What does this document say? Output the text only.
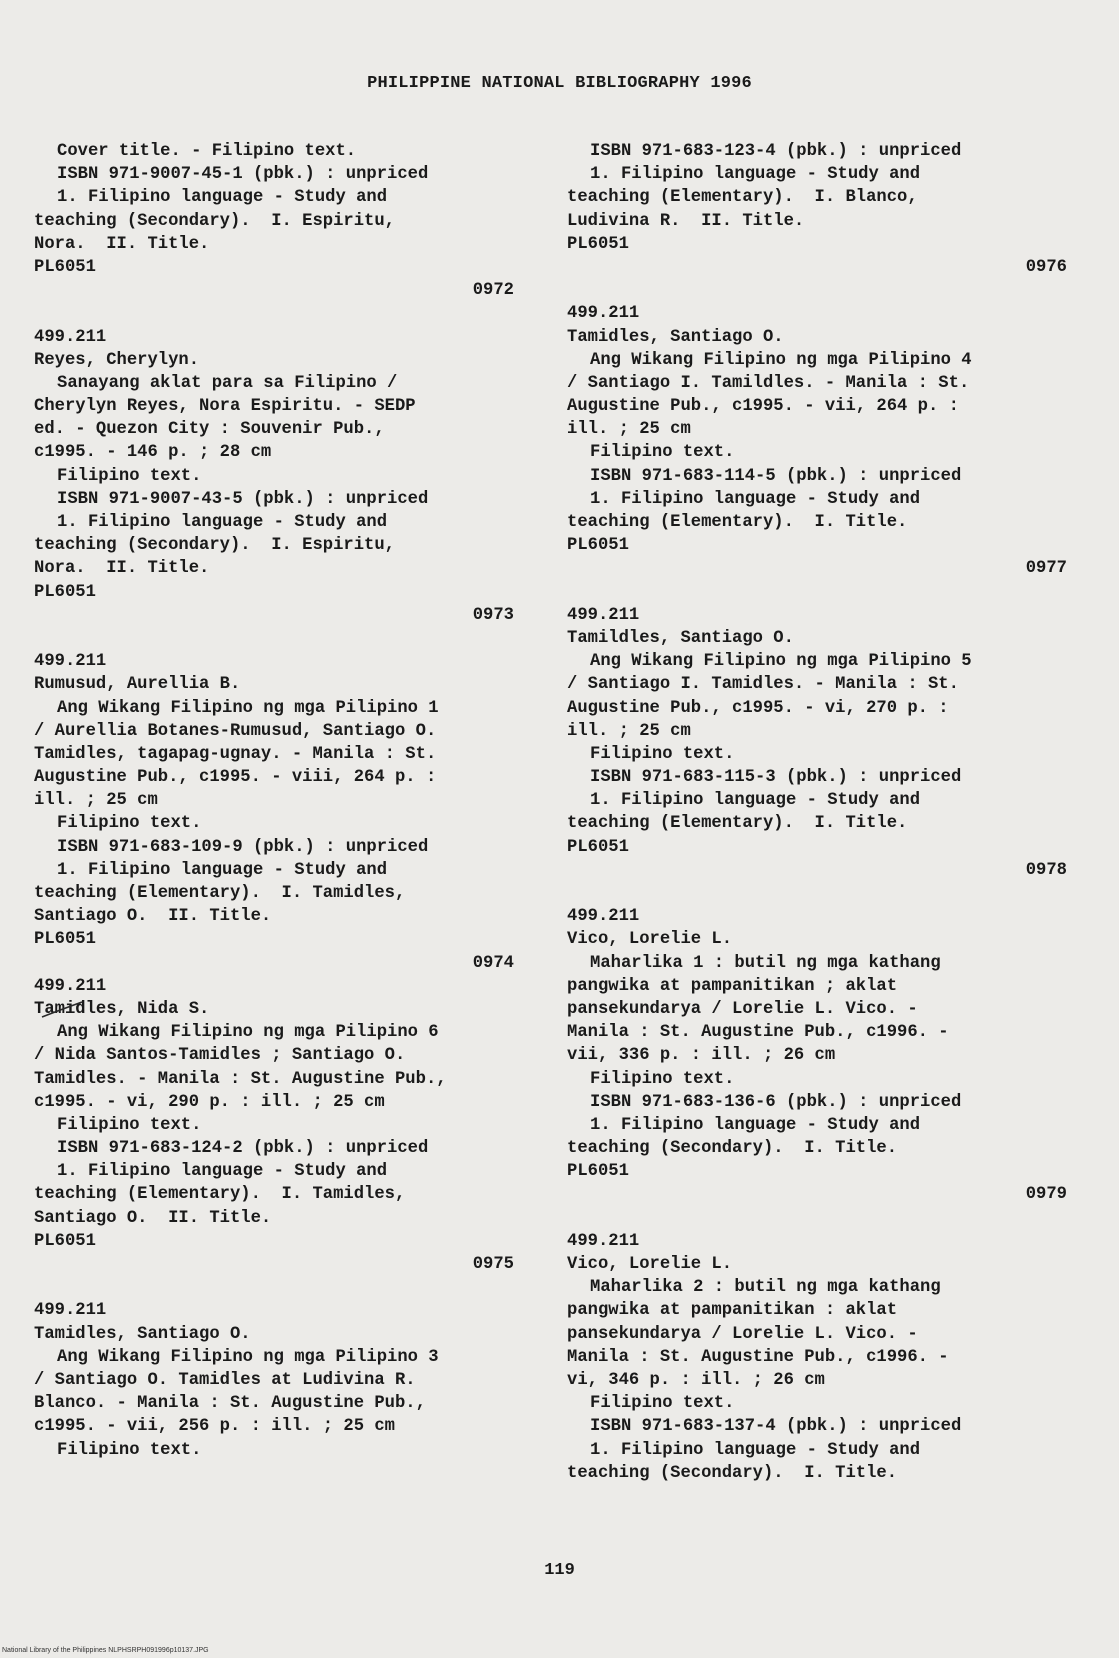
PHILIPPINE NATIONAL BIBLIOGRAPHY 1996
Cover title. - Filipino text.
ISBN 971-9007-45-1 (pbk.) : unpriced
1. Filipino language - Study and
teaching (Secondary).  I. Espiritu,
Nora.  II. Title.
PL6051
0972
499.211
Reyes, Cherylyn.
Sanayang aklat para sa Filipino /
Cherylyn Reyes, Nora Espiritu. - SEDP
ed. - Quezon City : Souvenir Pub.,
c1995. - 146 p. ; 28 cm
Filipino text.
ISBN 971-9007-43-5 (pbk.) : unpriced
1. Filipino language - Study and
teaching (Secondary).  I. Espiritu,
Nora.  II. Title.
PL6051
0973
499.211
Rumusud, Aurellia B.
Ang Wikang Filipino ng mga Pilipino 1
/ Aurellia Botanes-Rumusud, Santiago O.
Tamidles, tagapag-ugnay. - Manila : St.
Augustine Pub., c1995. - viii, 264 p. :
ill. ; 25 cm
Filipino text.
ISBN 971-683-109-9 (pbk.) : unpriced
1. Filipino language - Study and
teaching (Elementary).  I. Tamidles,
Santiago O.  II. Title.
PL6051
0974
499.211
Tamidles, Nida S.
Ang Wikang Filipino ng mga Pilipino 6
/ Nida Santos-Tamidles ; Santiago O.
Tamidles. - Manila : St. Augustine Pub.,
c1995. - vi, 290 p. : ill. ; 25 cm
Filipino text.
ISBN 971-683-124-2 (pbk.) : unpriced
1. Filipino language - Study and
teaching (Elementary).  I. Tamidles,
Santiago O.  II. Title.
PL6051
0975
499.211
Tamidles, Santiago O.
Ang Wikang Filipino ng mga Pilipino 3
/ Santiago O. Tamidles at Ludivina R.
Blanco. - Manila : St. Augustine Pub.,
c1995. - vii, 256 p. : ill. ; 25 cm
Filipino text.
ISBN 971-683-123-4 (pbk.) : unpriced
1. Filipino language - Study and
teaching (Elementary).  I. Blanco,
Ludivina R.  II. Title.
PL6051
0976
499.211
Tamidles, Santiago O.
Ang Wikang Filipino ng mga Pilipino 4
/ Santiago I. Tamildles. - Manila : St.
Augustine Pub., c1995. - vii, 264 p. :
ill. ; 25 cm
Filipino text.
ISBN 971-683-114-5 (pbk.) : unpriced
1. Filipino language - Study and
teaching (Elementary).  I. Title.
PL6051
0977
499.211
Tamildles, Santiago O.
Ang Wikang Filipino ng mga Pilipino 5
/ Santiago I. Tamidles. - Manila : St.
Augustine Pub., c1995. - vi, 270 p. :
ill. ; 25 cm
Filipino text.
ISBN 971-683-115-3 (pbk.) : unpriced
1. Filipino language - Study and
teaching (Elementary).  I. Title.
PL6051
0978
499.211
Vico, Lorelie L.
Maharlika 1 : butil ng mga kathang
pangwika at pampanitikan ; aklat
pansekundarya / Lorelie L. Vico. -
Manila : St. Augustine Pub., c1996. -
vii, 336 p. : ill. ; 26 cm
Filipino text.
ISBN 971-683-136-6 (pbk.) : unpriced
1. Filipino language - Study and
teaching (Secondary).  I. Title.
PL6051
0979
499.211
Vico, Lorelie L.
Maharlika 2 : butil ng mga kathang
pangwika at pampanitikan : aklat
pansekundarya / Lorelie L. Vico. -
Manila : St. Augustine Pub., c1996. -
vi, 346 p. : ill. ; 26 cm
Filipino text.
ISBN 971-683-137-4 (pbk.) : unpriced
1. Filipino language - Study and
teaching (Secondary).  I. Title.
119
National Library of the Philippines NLPHSRPH091996p10137.JPG
